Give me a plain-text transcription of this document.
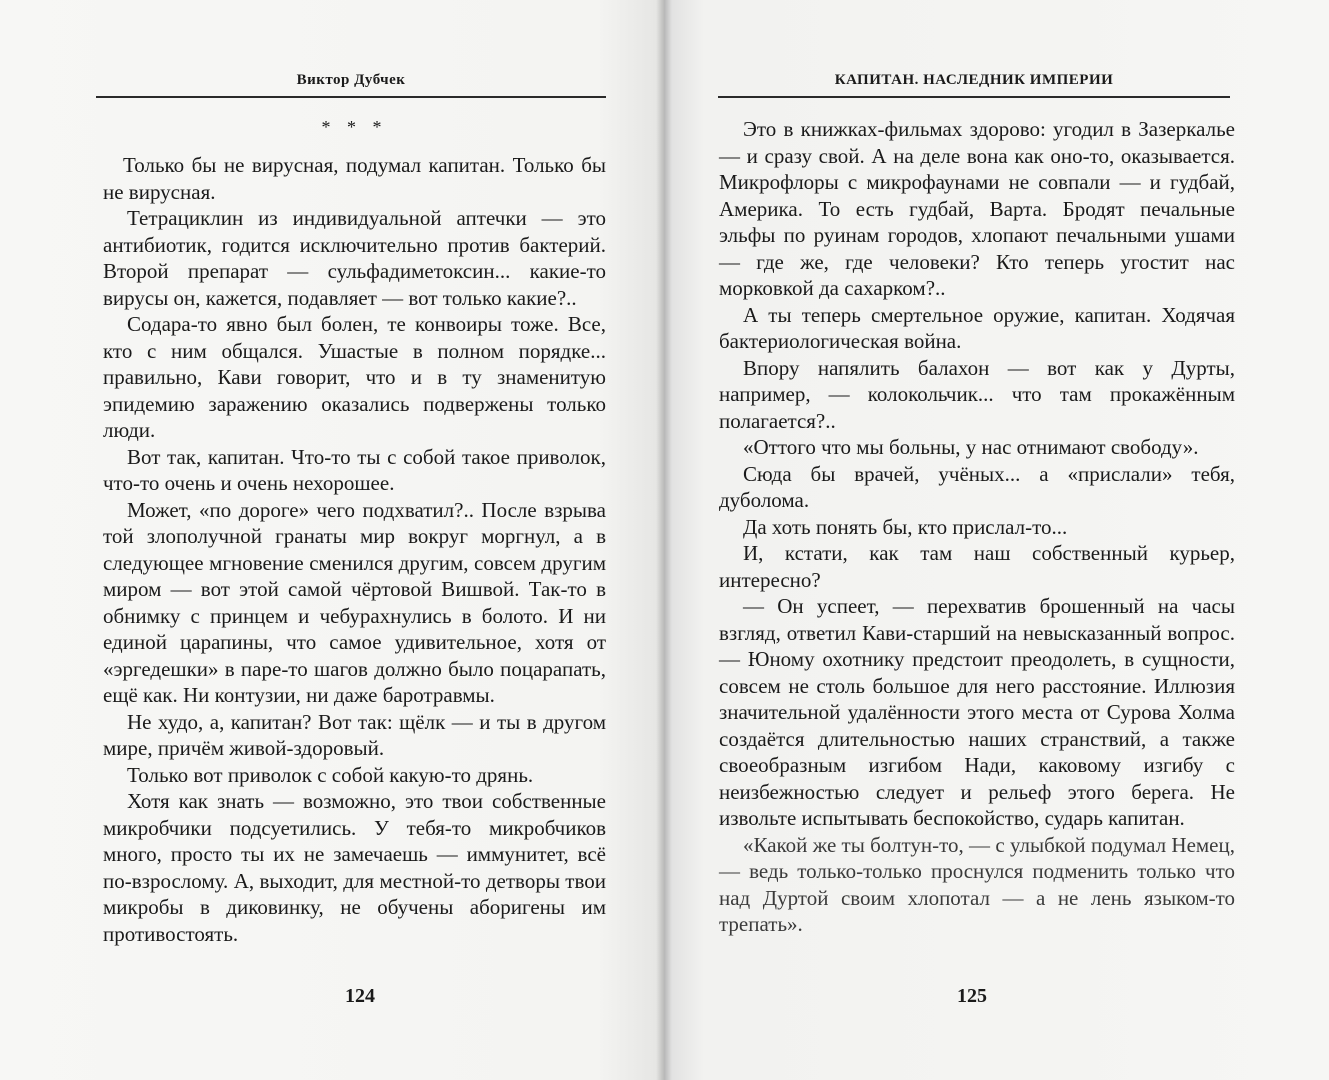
Виктор Дубчек
* * *

Только бы не вирусная, подумал капитан. Только бы не вирусная.

Тетрациклин из индивидуальной аптечки — это антибиотик, годится исключительно против бактерий. Второй препарат — сульфадиметоксин... какие-то вирусы он, кажется, подавляет — вот только какие?..

Содара-то явно был болен, те конвоиры тоже. Все, кто с ним общался. Ушастые в полном порядке... правильно, Кави говорит, что и в ту знаменитую эпидемию заражению оказались подвержены только люди.

Вот так, капитан. Что-то ты с собой такое приволок, что-то очень и очень нехорошее.

Может, «по дороге» чего подхватил?.. После взрыва той злополучной гранаты мир вокруг моргнул, а в следующее мгновение сменился другим, совсем другим миром — вот этой самой чёртовой Вишвой. Так-то в обнимку с принцем и чебурахнулись в болото. И ни единой царапины, что самое удивительное, хотя от «эргедешки» в паре-то шагов должно было поцарапать, ещё как. Ни контузии, ни даже баротравмы.

Не худо, а, капитан? Вот так: щёлк — и ты в другом мире, причём живой-здоровый.

Только вот приволок с собой какую-то дрянь.

Хотя как знать — возможно, это твои собственные микробчики подсуетились. У тебя-то микробчиков много, просто ты их не замечаешь — иммунитет, всё по-взрослому. А, выходит, для местной-то детворы твои микробы в диковинку, не обучены аборигены им противостоять.

124
КАПИТАН. НАСЛЕДНИК ИМПЕРИИ

Это в книжках-фильмах здорово: угодил в Зазеркалье — и сразу свой. А на деле вона как оно-то, оказывается. Микрофлоры с микрофаунами не совпали — и гудбай, Америка. То есть гудбай, Варта. Бродят печальные эльфы по руинам городов, хлопают печальными ушами — где же, где человеки? Кто теперь угостит нас морковкой да сахарком?..

А ты теперь смертельное оружие, капитан. Ходячая бактериологическая война.

Впору напялить балахон — вот как у Дурты, например, — колокольчик... что там прокажённым полагается?..

«Оттого что мы больны, у нас отнимают свободу».

Сюда бы врачей, учёных... а «прислали» тебя, дуболома.

Да хоть понять бы, кто прислал-то...

И, кстати, как там наш собственный курьер, интересно?

— Он успеет, — перехватив брошенный на часы взгляд, ответил Кави-старший на невысказанный вопрос. — Юному охотнику предстоит преодолеть, в сущности, совсем не столь большое для него расстояние. Иллюзия значительной удалённости этого места от Сурова Холма создаётся длительностью наших странствий, а также своеобразным изгибом Нади, каковому изгибу с неизбежностью следует и рельеф этого берега. Не извольте испытывать беспокойство, сударь капитан.

«Какой же ты болтун-то, — с улыбкой подумал Немец, — ведь только-только проснулся подменить только что над Дуртой своим хлопотал — а не лень языком-то трепать».

125
